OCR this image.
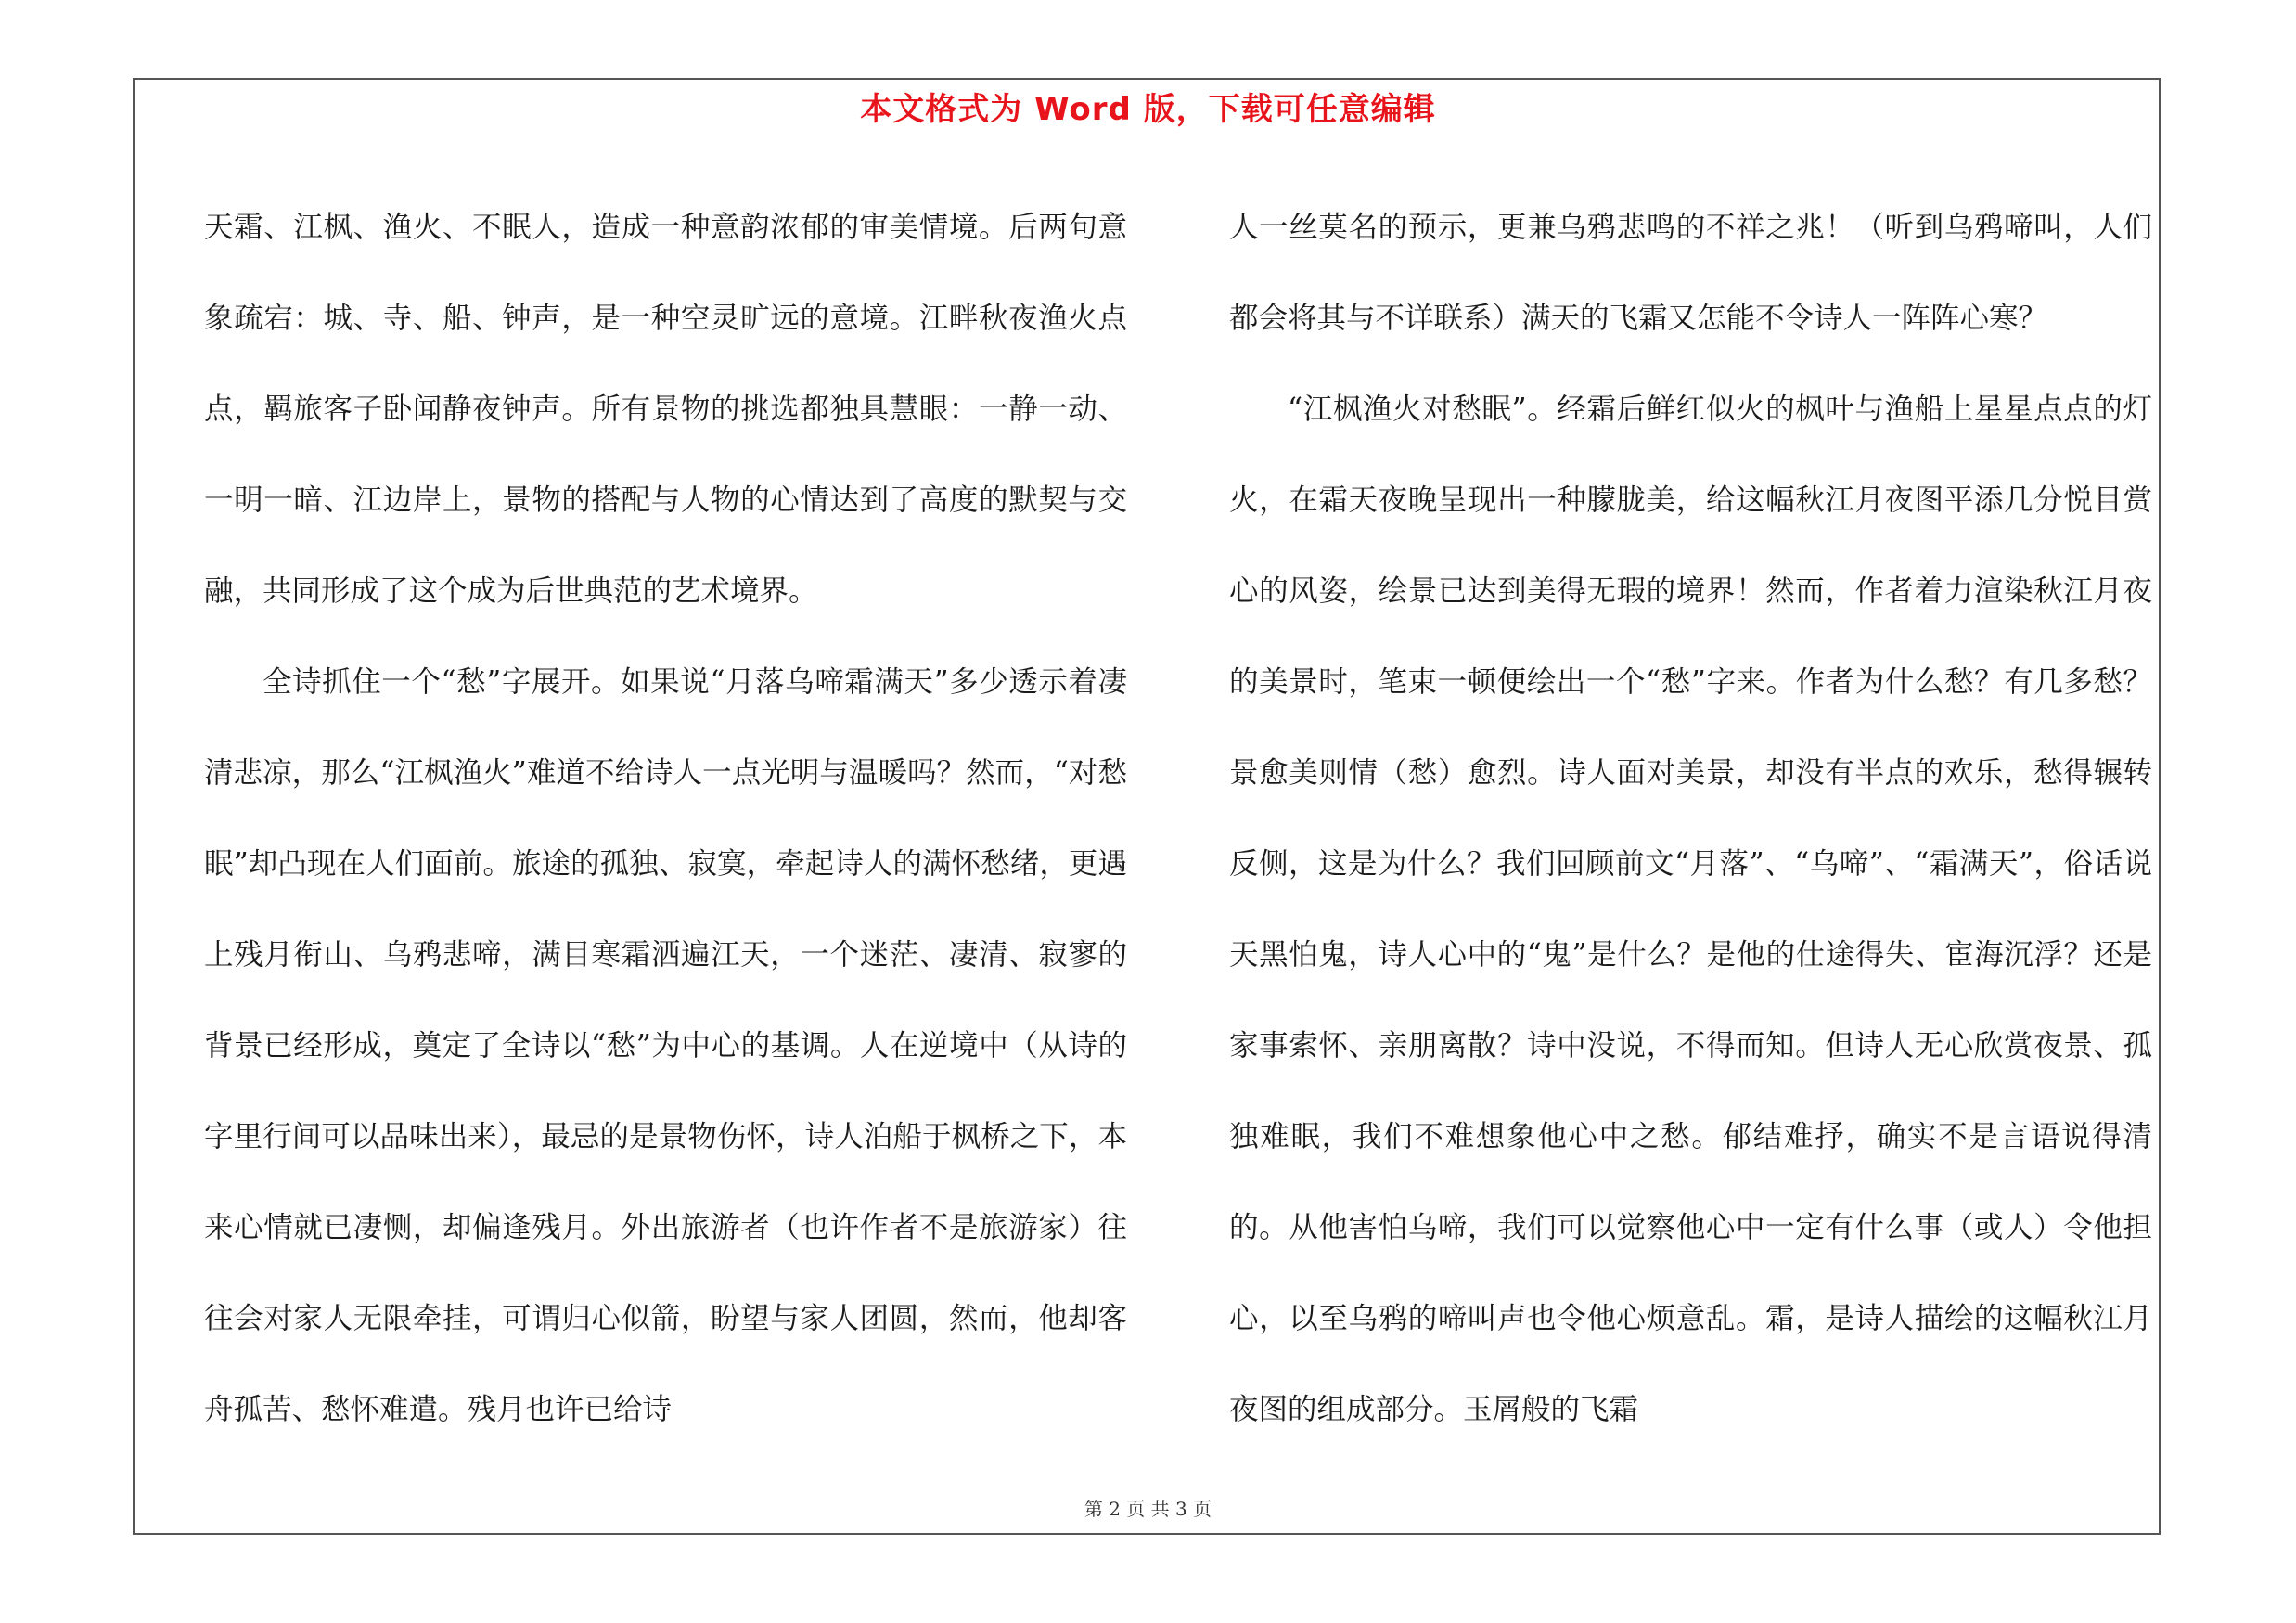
本文格式为 Word 版，下载可任意编辑

天霜、江枫、渔火、不眠人，造成一种意韵浓郁的审美情境。后两句意象疏宕：城、寺、船、钟声，是一种空灵旷远的意境。江畔秋夜渔火点点，羁旅客子卧闻静夜钟声。所有景物的挑选都独具慧眼：一静一动、一明一暗、江边岸上，景物的搭配与人物的心情达到了高度的默契与交融，共同形成了这个成为后世典范的艺术境界。

全诗抓住一个“愁”字展开。如果说“月落乌啼霜满天”多少透示着凄清悲凉，那么“江枫渔火”难道不给诗人一点光明与温暖吗？然而，“对愁眠”却凸现在人们面前。旅途的孤独、寂寞，牵起诗人的满怀愁绪，更遇上残月衔山、乌鸦悲啼，满目寒霜洒遍江天，一个迷茫、凄清、寂寥的背景已经形成，奠定了全诗以“愁”为中心的基调。人在逆境中（从诗的字里行间可以品味出来），最忌的是景物伤怀，诗人泊船于枫桥之下，本来心情就已凄恻，却偏逢残月。外出旅游者（也许作者不是旅游家）往往会对家人无限牵挂，可谓归心似箭，盼望与家人团圆，然而，他却客舟孤苦、愁怀难遣。残月也许已给诗

人一丝莫名的预示，更兼乌鸦悲鸣的不祥之兆！（听到乌鸦啼叫，人们都会将其与不详联系）满天的飞霜又怎能不令诗人一阵阵心寒？

“江枫渔火对愁眠”。经霜后鲜红似火的枫叶与渔船上星星点点的灯火，在霜天夜晚呈现出一种朦胧美，给这幅秋江月夜图平添几分悦目赏心的风姿，绘景已达到美得无瑕的境界！然而，作者着力渲染秋江月夜的美景时，笔束一顿便绘出一个“愁”字来。作者为什么愁？有几多愁？景愈美则情（愁）愈烈。诗人面对美景，却没有半点的欢乐，愁得辗转反侧，这是为什么？我们回顾前文“月落”、“乌啼”、“霜满天”，俗话说天黑怕鬼，诗人心中的“鬼”是什么？是他的仕途得失、宦海沉浮？还是家事索怀、亲朋离散？诗中没说，不得而知。但诗人无心欣赏夜景、孤独难眠，我们不难想象他心中之愁。郁结难抒，确实不是言语说得清的。从他害怕乌啼，我们可以觉察他心中一定有什么事（或人）令他担心，以至乌鸦的啼叫声也令他心烦意乱。霜，是诗人描绘的这幅秋江月夜图的组成部分。玉屑般的飞霜

第 2 页 共 3 页
